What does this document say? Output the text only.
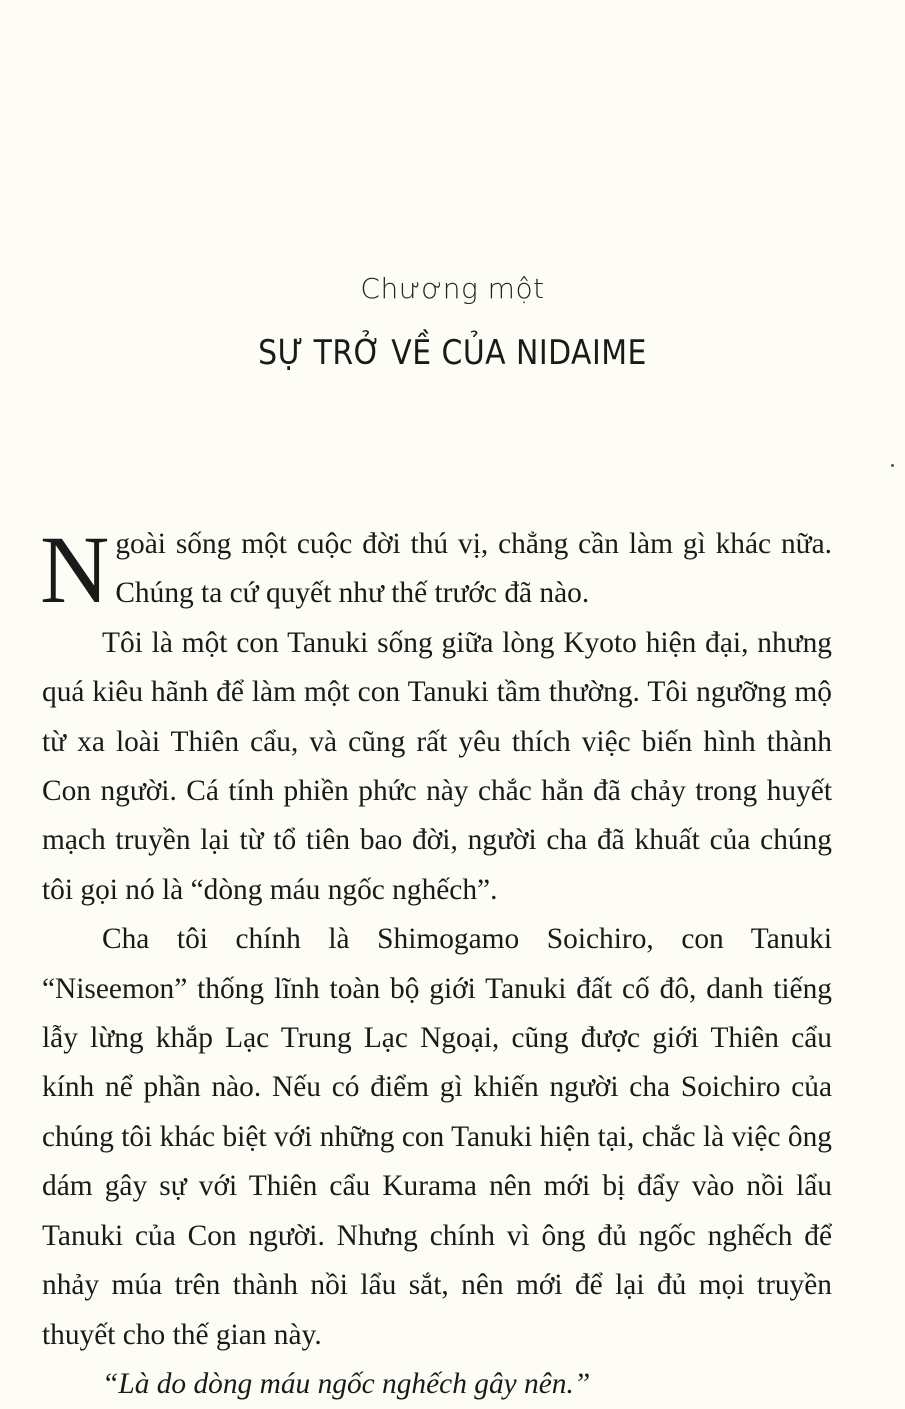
Chương một
SỰ TRỞ VỀ CỦA NIDAIME

Ngoài sống một cuộc đời thú vị, chẳng cần làm gì khác nữa. Chúng ta cứ quyết như thế trước đã nào.

Tôi là một con Tanuki sống giữa lòng Kyoto hiện đại, nhưng quá kiêu hãnh để làm một con Tanuki tầm thường. Tôi ngưỡng mộ từ xa loài Thiên cẩu, và cũng rất yêu thích việc biến hình thành Con người. Cá tính phiền phức này chắc hẳn đã chảy trong huyết mạch truyền lại từ tổ tiên bao đời, người cha đã khuất của chúng tôi gọi nó là “dòng máu ngốc nghếch”.

Cha tôi chính là Shimogamo Soichiro, con Tanuki “Niseemon” thống lĩnh toàn bộ giới Tanuki đất cố đô, danh tiếng lẫy lừng khắp Lạc Trung Lạc Ngoại, cũng được giới Thiên cẩu kính nể phần nào. Nếu có điểm gì khiến người cha Soichiro của chúng tôi khác biệt với những con Tanuki hiện tại, chắc là việc ông dám gây sự với Thiên cẩu Kurama nên mới bị đẩy vào nồi lẩu Tanuki của Con người. Nhưng chính vì ông đủ ngốc nghếch để nhảy múa trên thành nồi lẩu sắt, nên mới để lại đủ mọi truyền thuyết cho thế gian này.

“Là do dòng máu ngốc nghếch gây nên.”
